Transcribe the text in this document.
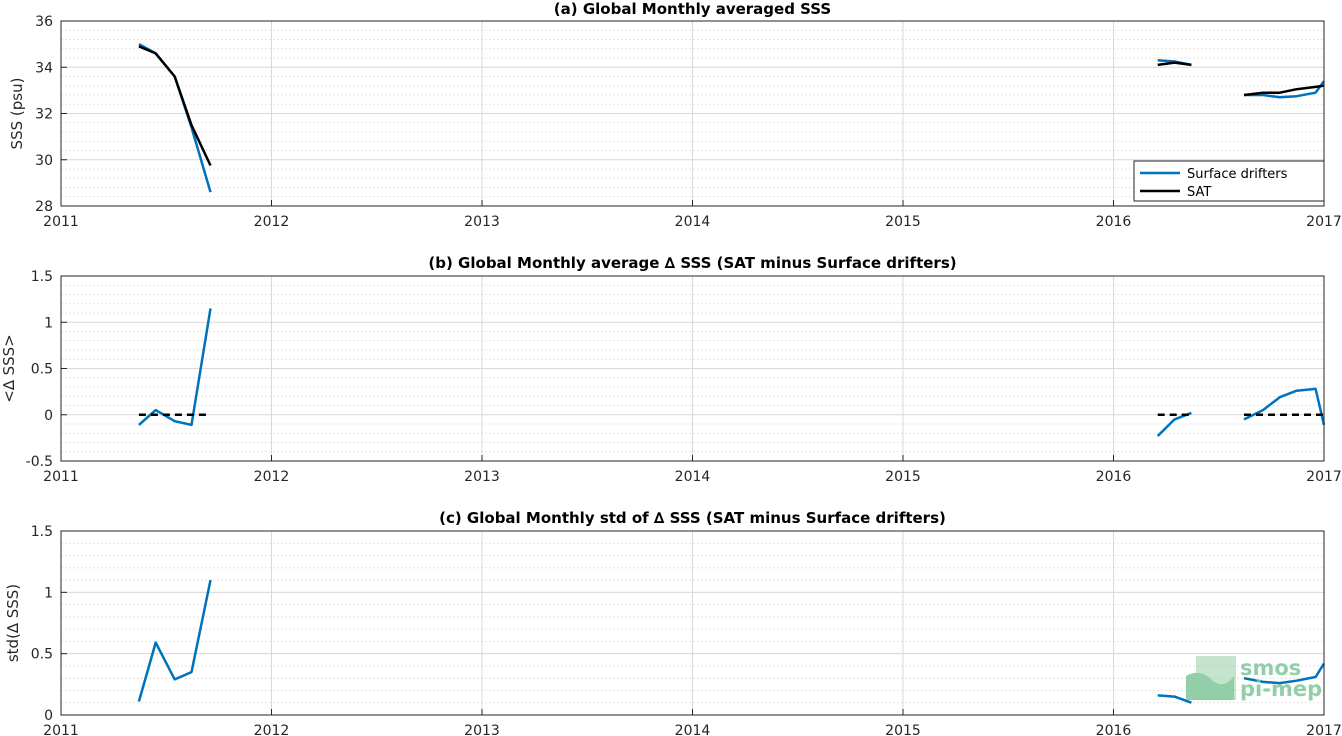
2011	2012	2013	2014	2015	2016	2017
28
30
32
34
36
(a) Global Monthly averaged SSS
SSS (psu)
2011	2012	2013	2014	2015	2016	2017
-0.5
0
0.5
1
1.5
(b) Global Monthly average ∆ SSS (SAT minus Surface drifters)
<∆ SSS>
2011	2012	2013	2014	2015	2016	2017
0
0.5
1
1.5
(c) Global Monthly std of ∆ SSS (SAT minus Surface drifters)
std(∆ SSS)
Surface drifters
SAT
smos
pi-mep
